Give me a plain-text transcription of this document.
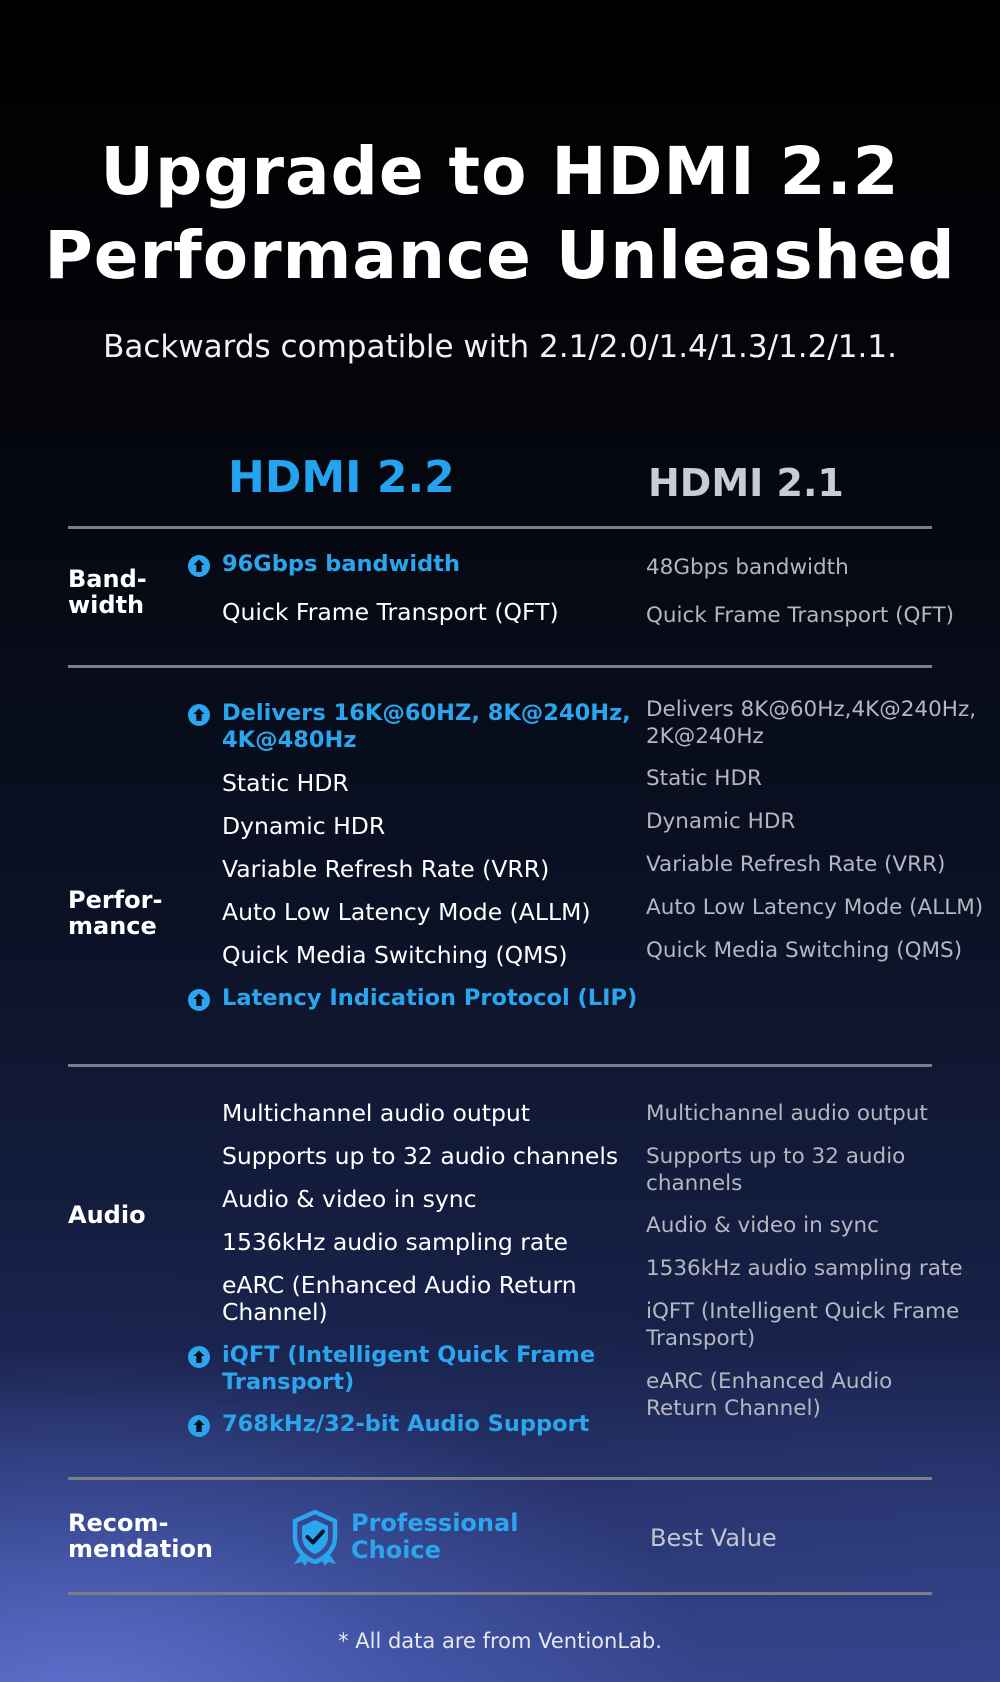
Upgrade to HDMI 2.2
Performance Unleashed
Backwards compatible with 2.1/2.0/1.4/1.3/1.2/1.1.
HDMI 2.2	HDMI 2.1
Band-
width
96Gbps bandwidth
Quick Frame Transport (QFT)
48Gbps bandwidth
Quick Frame Transport (QFT)
Perfor-
mance
Delivers 16K@60HZ, 8K@240Hz,
4K@480Hz
Static HDR
Dynamic HDR
Variable Refresh Rate (VRR)
Auto Low Latency Mode (ALLM)
Quick Media Switching (QMS)
Latency Indication Protocol (LIP)
Delivers 8K@60Hz,4K@240Hz,
2K@240Hz
Static HDR
Dynamic HDR
Variable Refresh Rate (VRR)
Auto Low Latency Mode (ALLM)
Quick Media Switching (QMS)
Audio
Multichannel audio output
Supports up to 32 audio channels
Audio & video in sync
1536kHz audio sampling rate
eARC (Enhanced Audio Return
Channel)
iQFT (Intelligent Quick Frame
Transport)
768kHz/32-bit Audio Support
Multichannel audio output
Supports up to 32 audio
channels
Audio & video in sync
1536kHz audio sampling rate
iQFT (Intelligent Quick Frame
Transport)
eARC (Enhanced Audio
Return Channel)
Recom-
mendation
Professional
Choice	Best Value
* All data are from VentionLab.
